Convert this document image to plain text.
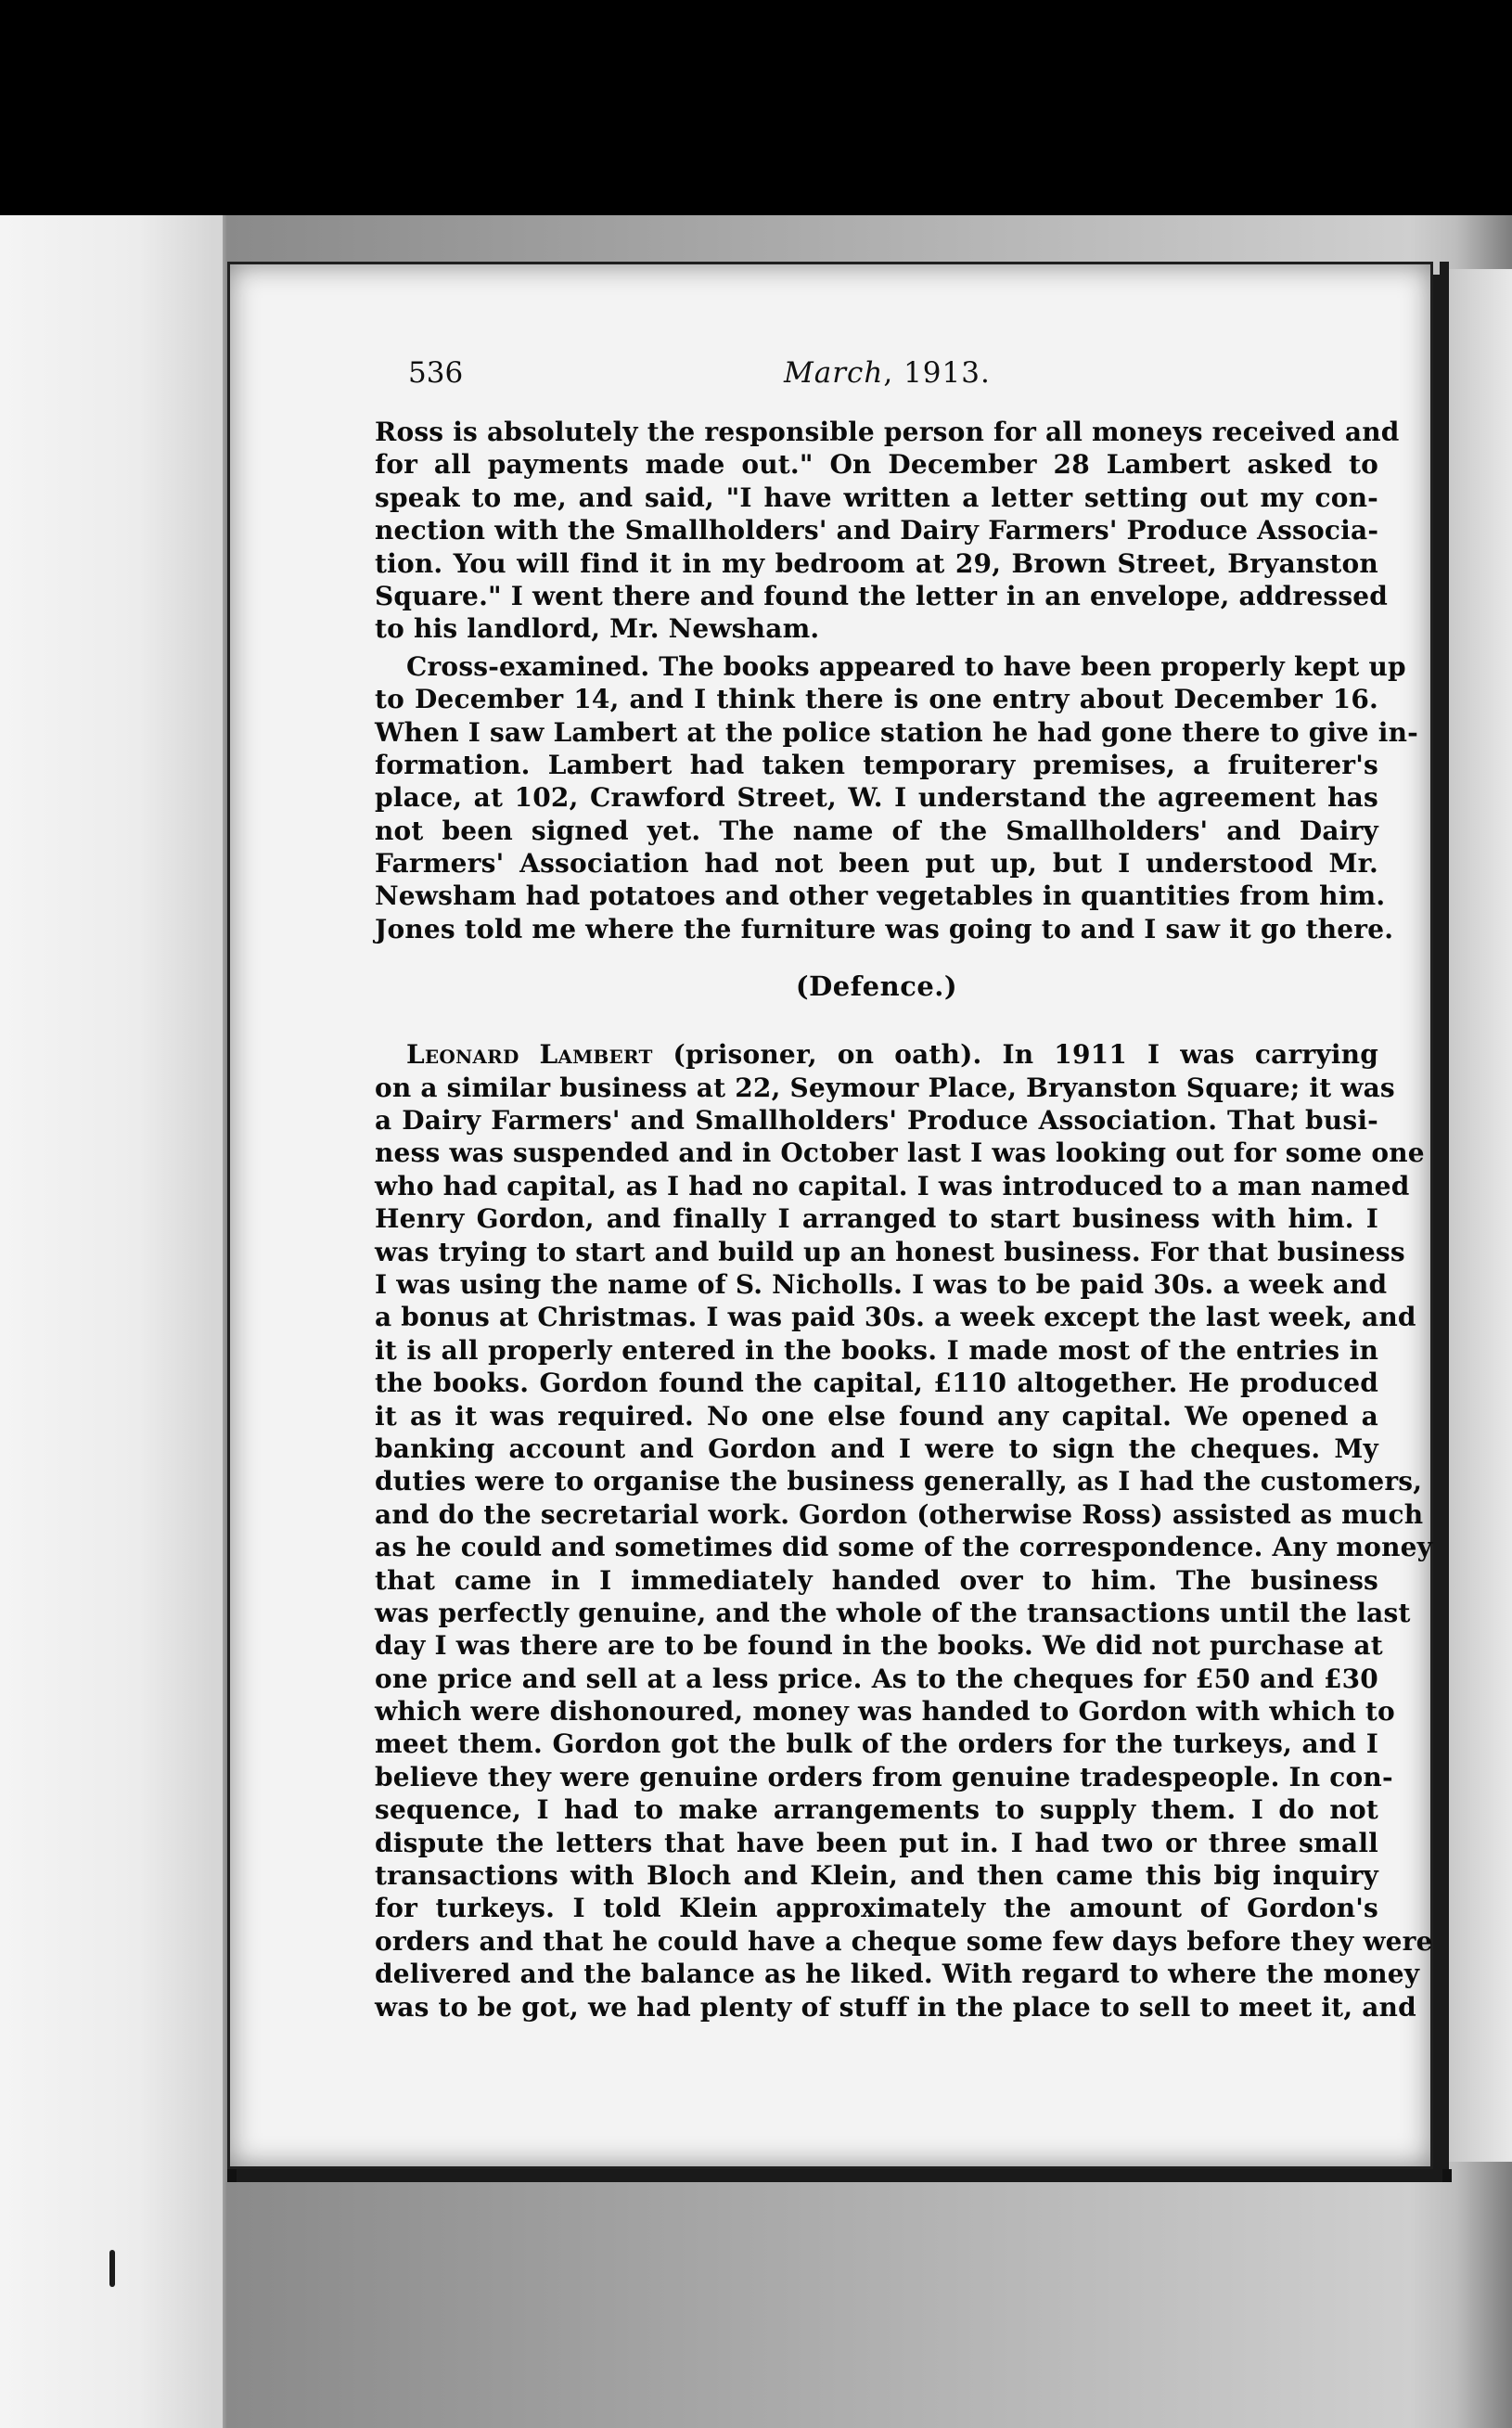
536	March, 1913.
Ross is absolutely the responsible person for all moneys received and
for all payments made out." On December 28 Lambert asked to
speak to me, and said, "I have written a letter setting out my con-
nection with the Smallholders' and Dairy Farmers' Produce Associa-
tion. You will find it in my bedroom at 29, Brown Street, Bryanston
Square." I went there and found the letter in an envelope, addressed
to his landlord, Mr. Newsham.
Cross-examined. The books appeared to have been properly kept up
to December 14, and I think there is one entry about December 16.
When I saw Lambert at the police station he had gone there to give in-
formation. Lambert had taken temporary premises, a fruiterer's
place, at 102, Crawford Street, W. I understand the agreement has
not been signed yet. The name of the Smallholders' and Dairy
Farmers' Association had not been put up, but I understood Mr.
Newsham had potatoes and other vegetables in quantities from him.
Jones told me where the furniture was going to and I saw it go there.
(Defence.)
Leonard Lambert (prisoner, on oath). In 1911 I was carrying
on a similar business at 22, Seymour Place, Bryanston Square; it was
a Dairy Farmers' and Smallholders' Produce Association. That busi-
ness was suspended and in October last I was looking out for some one
who had capital, as I had no capital. I was introduced to a man named
Henry Gordon, and finally I arranged to start business with him. I
was trying to start and build up an honest business. For that business
I was using the name of S. Nicholls. I was to be paid 30s. a week and
a bonus at Christmas. I was paid 30s. a week except the last week, and
it is all properly entered in the books. I made most of the entries in
the books. Gordon found the capital, £110 altogether. He produced
it as it was required. No one else found any capital. We opened a
banking account and Gordon and I were to sign the cheques. My
duties were to organise the business generally, as I had the customers,
and do the secretarial work. Gordon (otherwise Ross) assisted as much
as he could and sometimes did some of the correspondence. Any money
that came in I immediately handed over to him. The business
was perfectly genuine, and the whole of the transactions until the last
day I was there are to be found in the books. We did not purchase at
one price and sell at a less price. As to the cheques for £50 and £30
which were dishonoured, money was handed to Gordon with which to
meet them. Gordon got the bulk of the orders for the turkeys, and I
believe they were genuine orders from genuine tradespeople. In con-
sequence, I had to make arrangements to supply them. I do not
dispute the letters that have been put in. I had two or three small
transactions with Bloch and Klein, and then came this big inquiry
for turkeys. I told Klein approximately the amount of Gordon's
orders and that he could have a cheque some few days before they were
delivered and the balance as he liked. With regard to where the money
was to be got, we had plenty of stuff in the place to sell to meet it, and
